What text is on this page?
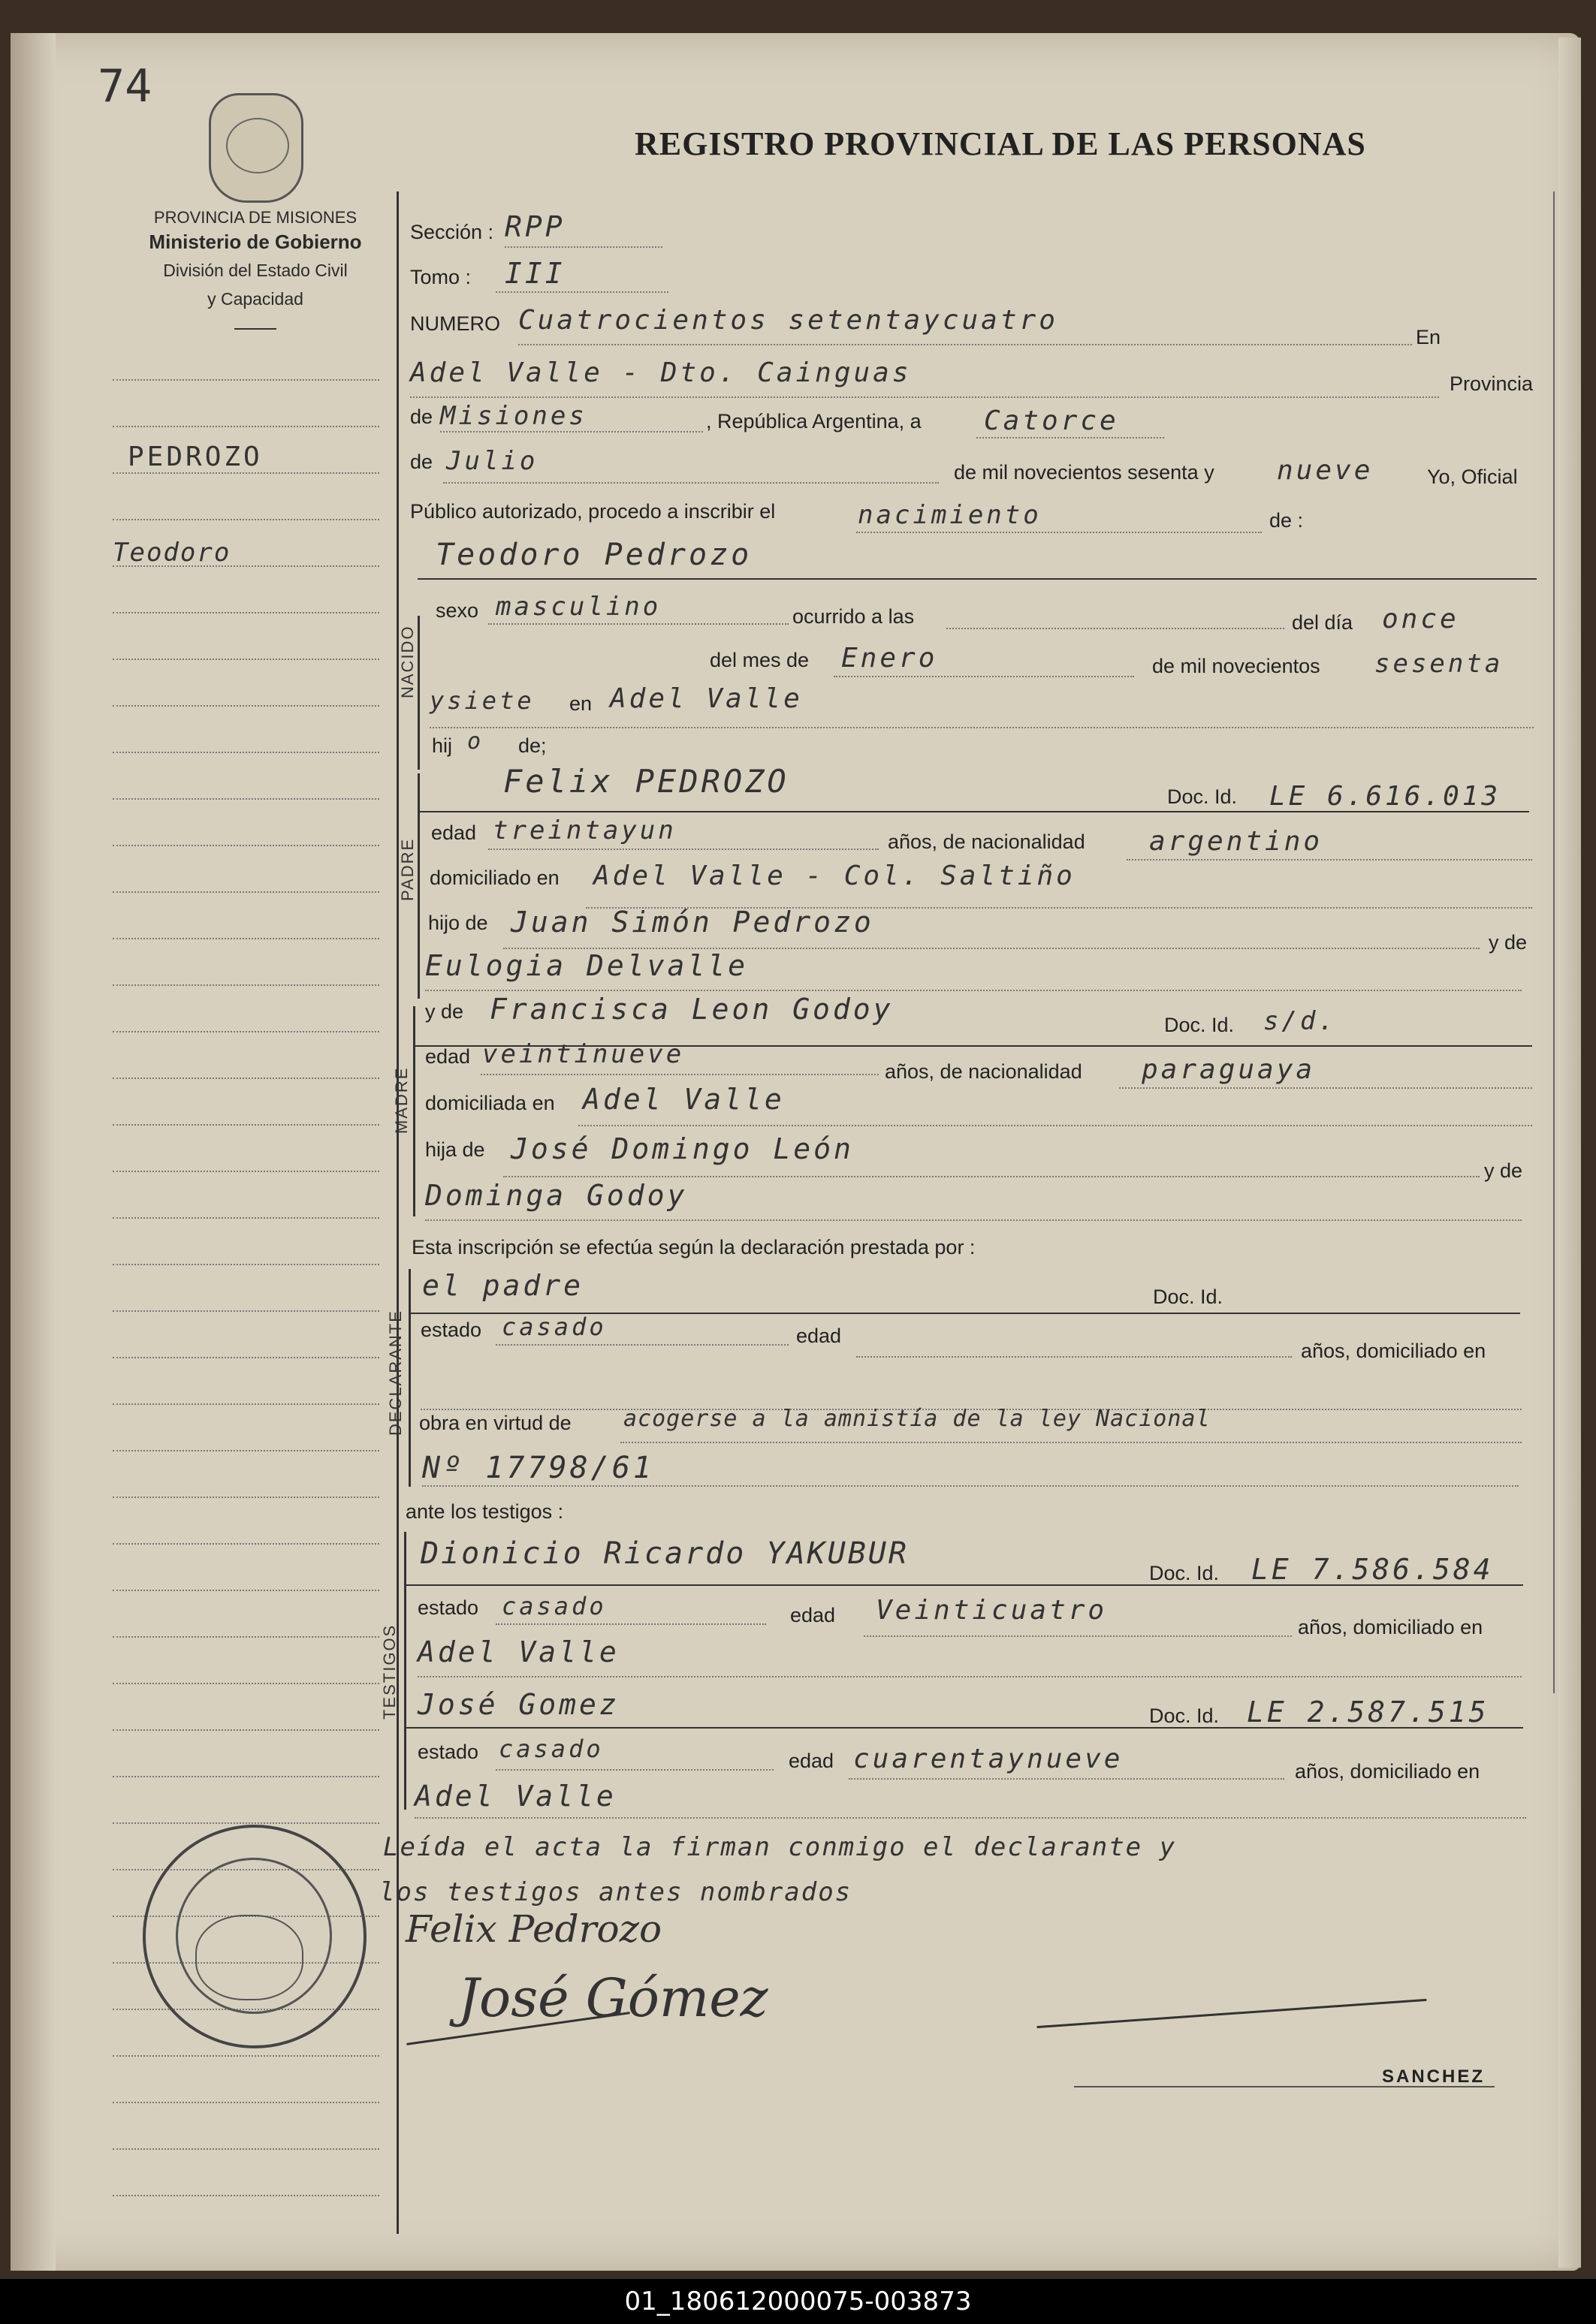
74
REGISTRO PROVINCIAL DE LAS PERSONAS
PROVINCIA DE MISIONES
Ministerio de Gobierno
División del Estado Civil
y Capacidad
PEDROZO
Teodoro
Sección : RPP
Tomo : III
NUMERO Cuatrocientos setentaycuatro
En
Adel Valle - Dto. Cainguas	Provincia
de Misiones	, República Argentina, a Catorce
de Julio	de mil novecientos sesenta y nueve	Yo, Oficial
Público autorizado, procedo a inscribir el	nacimiento	de :
NACIDO
Teodoro Pedrozo
sexo masculino	ocurrido a las	del día once
del mes de Enero	de mil novecientos sesenta
ysiete en Adel Valle
hij o de;
PADRE
Felix PEDROZO	Doc. Id. LE 6.616.013
edad treintayun	años, de nacionalidad argentino
domiciliado en Adel Valle - Col. Saltiño
hijo de Juan Simón Pedrozo
y de
Eulogia Delvalle
MADRE
y de Francisca Leon Godoy	Doc. Id. s/d.
edad veintinueve
años, de nacionalidad paraguaya
domiciliada en Adel Valle
hija de José Domingo León
y de
Dominga Godoy
Esta inscripción se efectúa según la declaración prestada por :
DECLARANTE
el padre	Doc. Id.
estado casado	edad
años, domiciliado en
obra en virtud de acogerse a la amnistía de la ley Nacional
Nº 17798/61
ante los testigos :
TESTIGOS
Dionicio Ricardo YAKUBUR
Doc. Id. LE 7.586.584
estado casado	edad Veinticuatro
años, domiciliado en
Adel Valle
José Gomez	Doc. Id. LE 2.587.515
estado casado	edad cuarentaynueve	años, domiciliado en
Adel Valle
Leída el acta la firman conmigo el declarante y
los testigos antes nombrados
Felix Pedrozo
José Gómez
SANCHEZ
01_180612000075-003873
